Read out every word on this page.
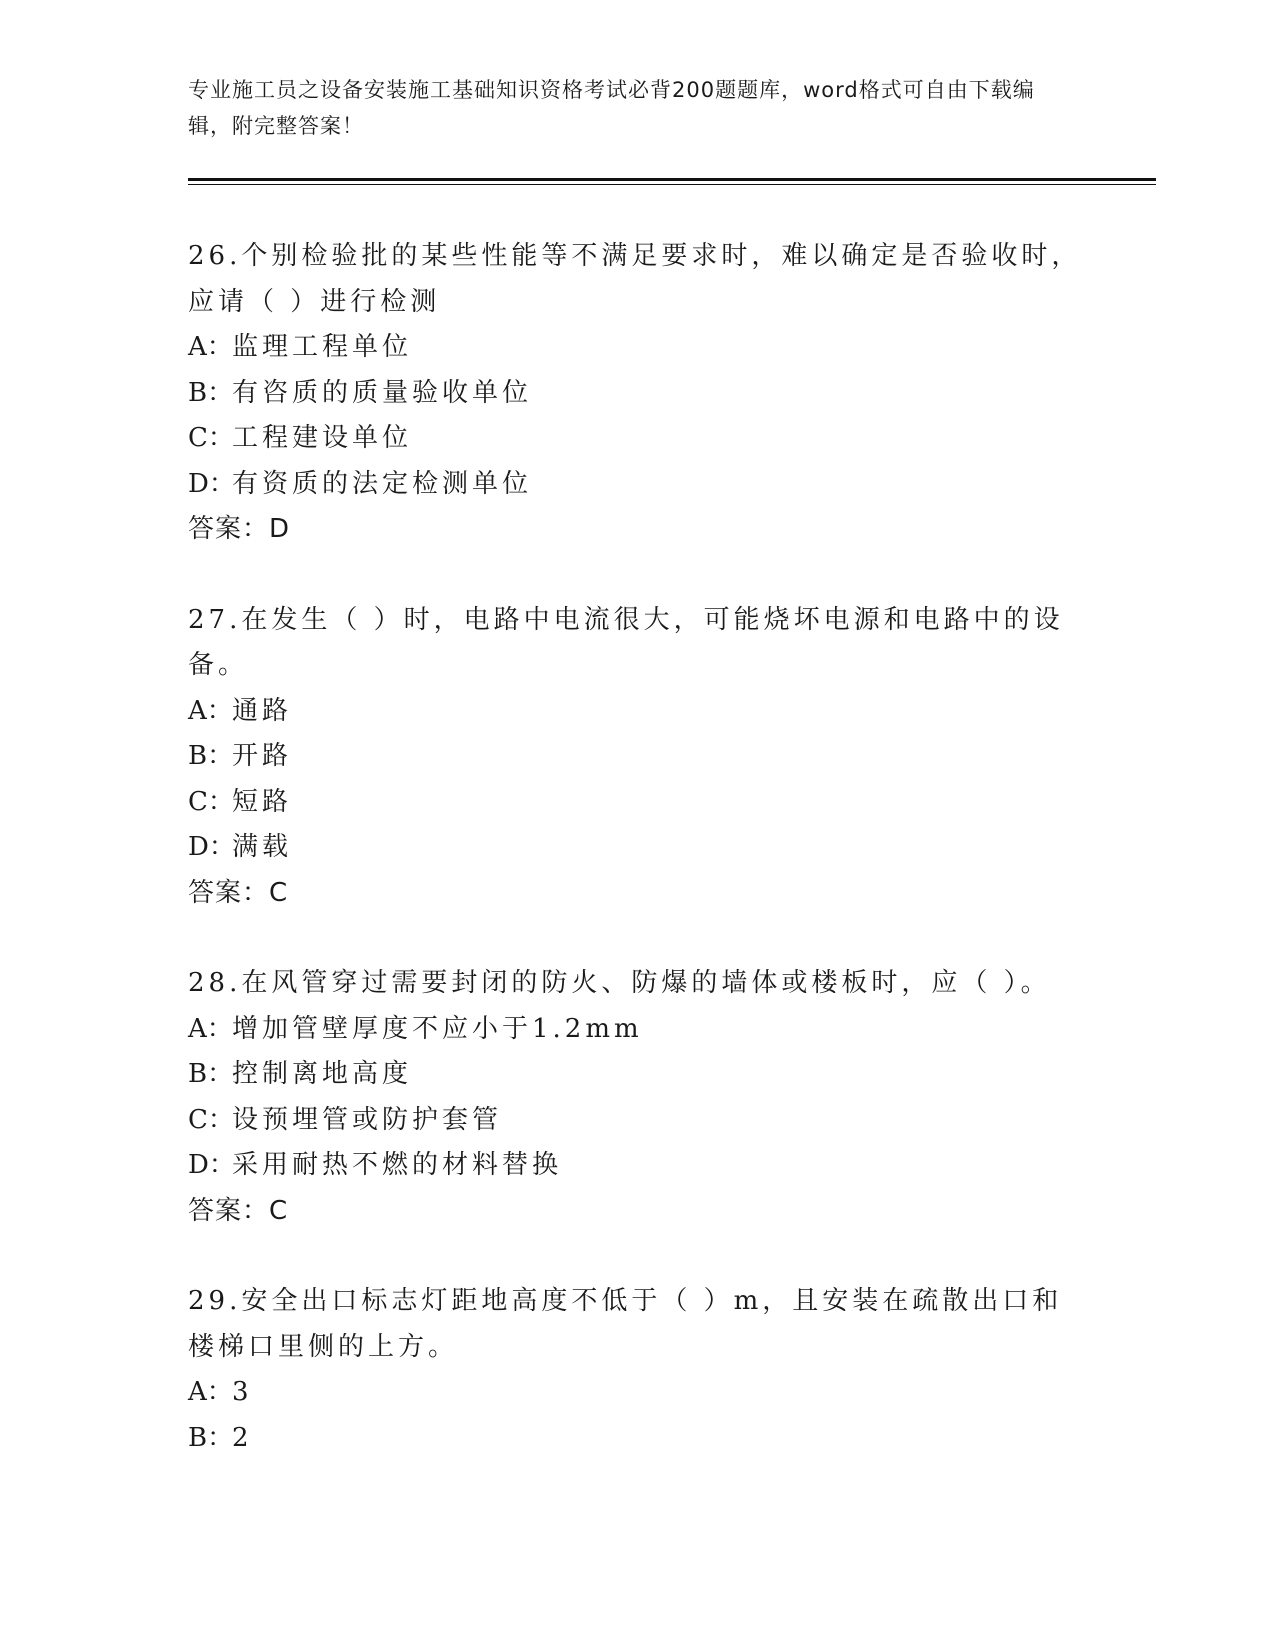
专业施工员之设备安装施工基础知识资格考试必背200题题库，word格式可自由下载编辑，附完整答案！
26.个别检验批的某些性能等不满足要求时，难以确定是否验收时，应请（ ）进行检测
A：监理工程单位
B：有咨质的质量验收单位
C：工程建设单位
D：有资质的法定检测单位
答案：D
27.在发生（ ）时，电路中电流很大，可能烧坏电源和电路中的设备。
A：通路
B：开路
C：短路
D：满载
答案：C
28.在风管穿过需要封闭的防火、防爆的墙体或楼板时，应（ ）。
A：增加管壁厚度不应小于1.2mm
B：控制离地高度
C：设预埋管或防护套管
D：采用耐热不燃的材料替换
答案：C
29.安全出口标志灯距地高度不低于（ ）m，且安装在疏散出口和楼梯口里侧的上方。
A：3
B：2
